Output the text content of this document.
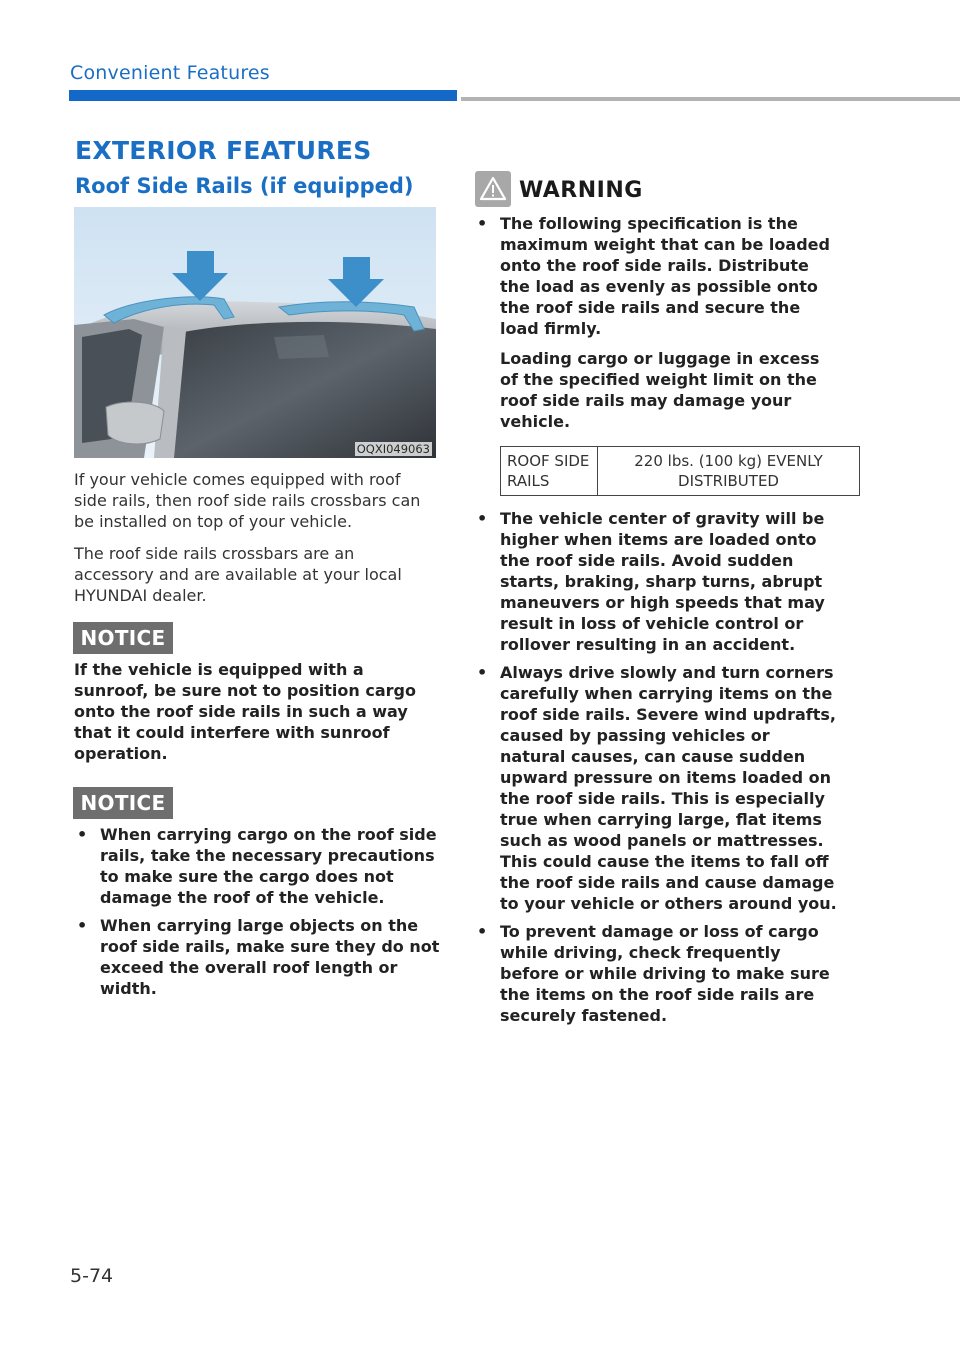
Convenient Features
EXTERIOR FEATURES
Roof Side Rails (if equipped)
OQXI049063

If your vehicle comes equipped with roof side rails, then roof side rails crossbars can be installed on top of your vehicle.

The roof side rails crossbars are an accessory and are available at your local HYUNDAI dealer.

NOTICE
If the vehicle is equipped with a sunroof, be sure not to position cargo onto the roof side rails in such a way that it could interfere with sunroof operation.
NOTICE
• When carrying cargo on the roof side rails, take the necessary precautions to make sure the cargo does not damage the roof of the vehicle.
• When carrying large objects on the roof side rails, make sure they do not exceed the overall roof length or width.
WARNING
• The following specification is the maximum weight that can be loaded onto the roof side rails. Distribute the load as evenly as possible onto the roof side rails and secure the load firmly.
Loading cargo or luggage in excess of the specified weight limit on the roof side rails may damage your vehicle.
ROOF SIDE RAILS	220 lbs. (100 kg) EVENLY DISTRIBUTED
• The vehicle center of gravity will be higher when items are loaded onto the roof side rails. Avoid sudden starts, braking, sharp turns, abrupt maneuvers or high speeds that may result in loss of vehicle control or rollover resulting in an accident.
• Always drive slowly and turn corners carefully when carrying items on the roof side rails. Severe wind updrafts, caused by passing vehicles or natural causes, can cause sudden upward pressure on items loaded on the roof side rails. This is especially true when carrying large, flat items such as wood panels or mattresses. This could cause the items to fall off the roof side rails and cause damage to your vehicle or others around you.
• To prevent damage or loss of cargo while driving, check frequently before or while driving to make sure the items on the roof side rails are securely fastened.
5-74
